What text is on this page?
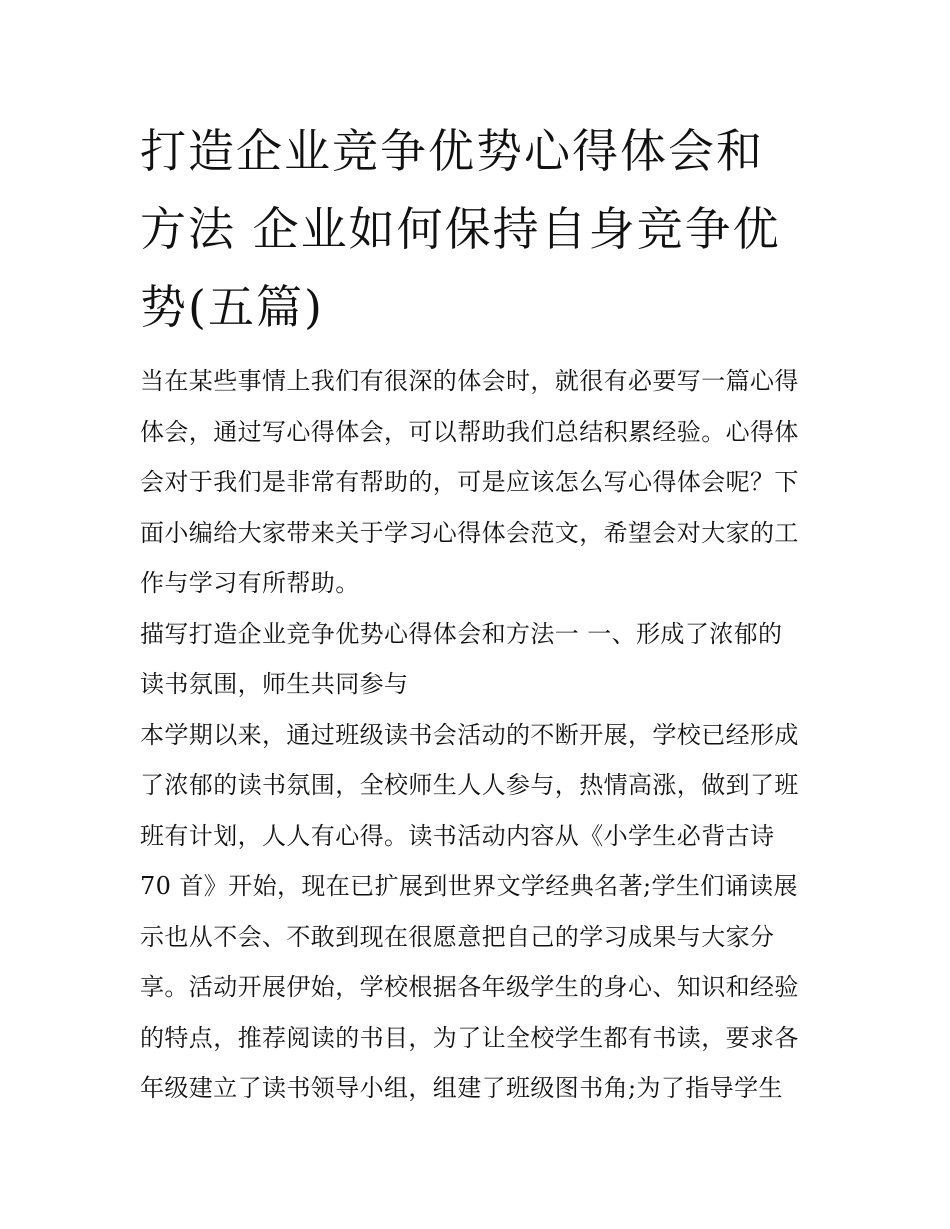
打造企业竞争优势心得体会和
方法 企业如何保持自身竞争优
势(五篇)
当在某些事情上我们有很深的体会时，就很有必要写一篇心得
体会，通过写心得体会，可以帮助我们总结积累经验。心得体
会对于我们是非常有帮助的，可是应该怎么写心得体会呢？下
面小编给大家带来关于学习心得体会范文，希望会对大家的工
作与学习有所帮助。
描写打造企业竞争优势心得体会和方法一 一、形成了浓郁的
读书氛围，师生共同参与
本学期以来，通过班级读书会活动的不断开展，学校已经形成
了浓郁的读书氛围，全校师生人人参与，热情高涨，做到了班
班有计划，人人有心得。读书活动内容从《小学生必背古诗
70 首》开始，现在已扩展到世界文学经典名著;学生们诵读展
示也从不会、不敢到现在很愿意把自己的学习成果与大家分
享。活动开展伊始，学校根据各年级学生的身心、知识和经验
的特点，推荐阅读的书目，为了让全校学生都有书读，要求各
年级建立了读书领导小组，组建了班级图书角;为了指导学生
